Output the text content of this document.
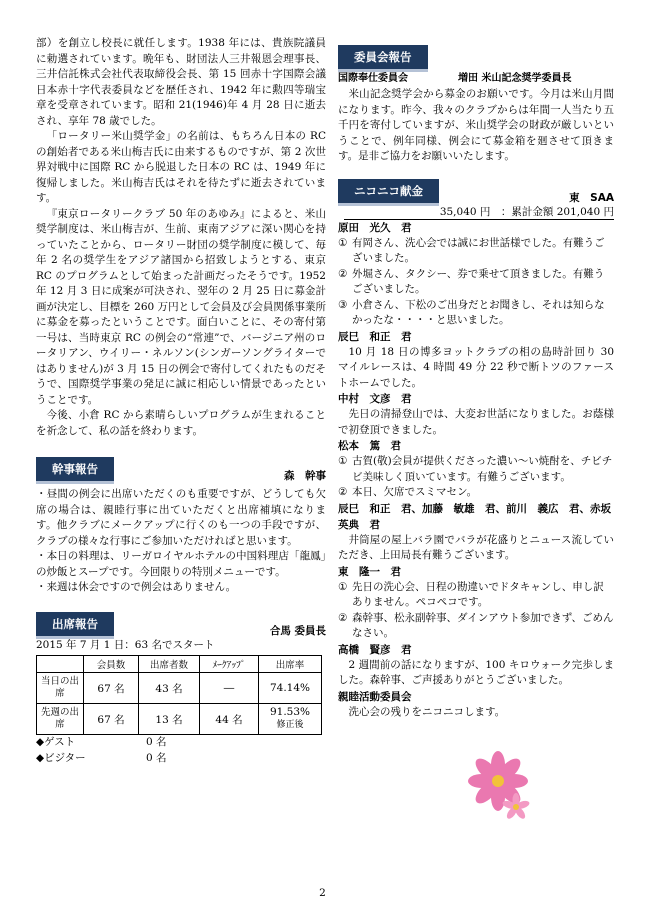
部）を創立し校長に就任します。1938 年には、貴族院議員に勅選されています。晩年も、財団法人三井報恩会理事長、三井信託株式会社代表取締役会長、第 15 回赤十字国際会議日本赤十字代表委員などを歴任され、1942 年に勲四等瑞宝章を受章されています。昭和 21(1946)年 4 月 28 日に逝去され、享年 78 歳でした。

「ロータリー米山奨学金」の名前は、もちろん日本の RC の創始者である米山梅吉氏に由来するものですが、第 2 次世界対戦中に国際 RC から脱退した日本の RC は、1949 年に復帰しました。米山梅吉氏はそれを待たずに逝去されています。

『東京ロータリークラブ 50 年のあゆみ』によると、米山奨学制度は、米山梅吉が、生前、東南アジアに深い関心を持っていたことから、ロータリー財団の奨学制度に模して、毎年 2 名の奨学生をアジア諸国から招致しようとする、東京 RC のプログラムとして始まった計画だったそうです。1952 年 12 月 3 日に成案が可決され、翌年の 2 月 25 日に募金計画が決定し、目標を 260 万円として会員及び会員関係事業所に募金を募ったということです。面白いことに、その寄付第一号は、当時東京 RC の例会の“常連”で、バージニア州のロータリアン、ウイリー・ネルソン(シンガーソングライターではありません)が 3 月 15 日の例会で寄付してくれたものだそうで、国際奨学事業の発足に誠に相応しい情景であったということです。

今後、小倉 RC から素晴らしいプログラムが生まれることを祈念して、私の話を終わります。

幹事報告	森　幹事

・昼間の例会に出席いただくのも重要ですが、どうしても欠席の場合は、親睦行事に出ていただくと出席補填になります。他クラブにメークアップに行くのも一つの手段ですが、クラブの様々な行事にご参加いただければと思います。

・本日の料理は、リーガロイヤルホテルの中国料理店「龍鳳」の炒飯とスープです。今回限りの特別メニューです。

・来週は休会ですので例会はありません。

出席報告	合馬 委員長
2015 年 7 月 1 日：63 名でスタート
	会員数	出席者数	ﾒｰｸｱｯﾌﾟ	出席率
当日の出席	67 名	43 名	―	74.14%
先週の出席	67 名	13 名	44 名	91.53%
修正後
◆ゲスト	0 名
◆ビジター	0 名
委員会報告
国際奉仕委員会　　　　　増田 米山記念奨学委員長

米山記念奨学会から募金のお願いです。今月は米山月間になります。昨今、我々のクラブからは年間一人当たり五千円を寄付していますが、米山奨学会の財政が厳しいということで、例年同様、例会にて募金箱を廻させて頂きます。是非ご協力をお願いいたします。

ニコニコ献金	東　SAA
35,040 円　：累計金額 201,040 円
原田　光久　君
① 有岡さん、洗心会では誠にお世話様でした。有難うございました。
② 外堀さん、タクシー、券で乗せて頂きました。有難うございました。
③ 小倉さん、下松のご出身だとお聞きし、それは知らなかったな・・・・と思いました。
辰巳　和正　君

10 月 18 日の博多ヨットクラブの相の島時計回り 30 マイルレースは、4 時間 49 分 22 秒で断トツのファーストホームでした。

中村　文彦　君

先日の清掃登山では、大変お世話になりました。お蔭様で初登頂できました。

松本　篤　君
① 古賀(敬)会員が提供くださった濃い～い焼酎を、チビチビ美味しく頂いています。有難うございます。
② 本日、欠席でスミマセン。
辰巳　和正　君、加藤　敏雄　君、前川　義広　君、赤坂　英典　君

井筒屋の屋上バラ園でバラが花盛りとニュース流していただき、上田局長有難うございます。

東　隆一　君
① 先日の洗心会、日程の勘違いでドタキャンし、申し訳ありません。ペコペコです。
② 森幹事、松永副幹事、ダインアウト参加できず、ごめんなさい。
高橋　賢彦　君

2 週間前の話になりますが、100 キロウォーク完歩しました。森幹事、ご声援ありがとうございました。

親睦活動委員会

洗心会の残りをニコニコします。

2
